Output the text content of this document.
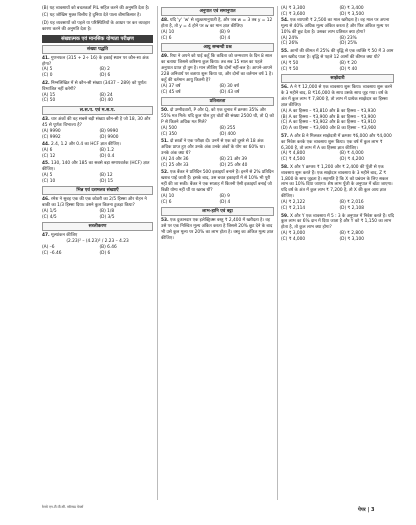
(B) यह व्यवसायों को बचतकर्ता PIL सहित करने की अनुमति देता है।
(C) यह जोखिम मुक्त वित्तीय है दुनिया देते पाला बीमाकिसार है।
(D) यह व्यवसायों को पहले या परिस्थितियों के आधार पर कर व्यवहार कारण करने की अनुमति देता है।
संख्यात्मक एवं मानसिक योग्यता परीक्षण
संख्या पद्धति
41. गुणनफल (315 + 2÷ 16) के इकाई स्थान पर कौन-सा अंक होगा?
(A) 5	(B) 2
(C) 0	(D) 6
42. निम्नलिखित में से कौन-सी संख्या (3437 – 289) को पूर्णतः विभाजित नहीं करेगी?
(A) 15	(B) 24
(C) 50	(D) 40
ल.स.प. एवं म.स.प.
43. चार अंकों की वह सबसे बड़ी संख्या कौन-सी है जो 18, 30 और 45 से पूर्णतः विभाज्य है?
(A) 9990	(B) 9990
(C) 9992	(D) 9900
44. 2.4, 1.2 और 0.4 का HCF ज्ञात कीजिए।
(A) 6	(B) 1.2
(C) 12	(D) 0.4
45. 130, 140 और 185 का सबसे बड़ा समापवर्तक (HCF) ज्ञात कीजिए।
(A) 5	(B) 12
(C) 10	(D) 15
भिन्न एवं दशमलव संख्याएँ
46. रमेश ने सुबह एक की एक कोठरी का 2/5 हिस्सा और रोहन ने बाकी का 1/3 हिस्सा दिया। उसने कुल कितना टुकड़ा किया?
(A) 1/5	(B) 1/8
(C) 4/5	(D) 3/5
सरलीकरण
47. मूल्यांकन कीजिए
(2.23)² – (4.23)² / 2.23 – 4.23
(A) –6	(B) 6.46
(C) –6.46	(D) 6
अनुपात एवं समानुपात
48. यदि 'y' 'w' से व्युत्क्रमानुपाती है, और जब w = 3 तब y = 12 होता है, तो y = 4 होने पर w का मान ज्ञात कीजिए।
(A) 10	(B) 9
(C) 6	(D) 4
आयु सम्बन्धी प्रश्न
49. रिया ने अपने को पाई कहूँ कि कविता को जन्मवाण के दिन 8 साल का बताया जिससे करिश्मा कुल किया। तब सब 15 साल का पहले अनुपात प्राप्त हो तुम है। मान लीजिए कि दोनों नहीं-बल है। आपने-आपने 228 अनिवार्य पर बताया शुरू किया था, और दोनों का वर्तमान वर्ष 1 है। कहूँ की वर्तमान आयु कितनी है?
(A) 37 वर्ष	(B) 30 वर्ष
(C) 45 वर्ष	(D) 43 वर्ष
प्रतिशतता
50. दो उम्मीदवारों, P और Q, को एक चुनाव में क्रमशः 35% और 55% मत मिले। यदि कुल पोल हुए वोटों की संख्या 2500 थी, तो Q को P से कितने अधिक मत मिले?
(A) 500	(B) 255
(C) 350	(D) 400
51. दो छात्रों ने एक परीक्षा दी। उनमें से एक को दूसरे से 18 अंक अधिक प्राप्त हुए और उनके अंक उनके अंकों के योग का 60% था। उनके अंक क्या थे?
(A) 24 और 36	(B) 21 और 39
(C) 25 और 33	(D) 25 और 40
52. एक बैंकर ने प्रतिदिन 500 इकाइयाँ बनाने हैं। इनमें से 2% प्रतिदिन खराब पाई जाती हैं। इसके बाद, उस बचत इकाइयों में से 10% भी पूरी नहीं की जा सकी। बैंकर ने एक सप्ताह में कितनी ऐसी इकाइयाँ बनाई जो बिक्री योग्य नहीं थीं या खराब थीं?
(A) 10	(B) 9
(C) 6	(D) 4
लाभ-हानि एवं बट्टा
53. एक दुकानदार एक इलेक्ट्रिक्स वस्तु ₹ 2,400 में खरीदता है। वह उसे पर एक निश्चित मूल्य अंकित करता है जिससे 20% छूट देने के बाद भी उसे कुल मूल्य पर 20% का लाभ होता है। वस्तु का अंकित मूल्य ज्ञात कीजिए।
(A) ₹ 3,300	(B) ₹ 3,400
(C) ₹ 3,600	(D) ₹ 3,500
54. एक व्यापारी ₹ 2,500 का माल खरीदता है। वह माल पर अपना मूल्य से 40% अधिक मूल्य अंकित करता है और फिर अंकित मूल्य पर 10% की छूट देता है। उसका लाभ प्रतिशत क्या होगा?
(A) 24%	(B) 23%
(C) 26%	(D) 25%
55. आमों की कीमत में 25% की वृद्धि से एक व्यक्ति ₹ 50 में 3 आम कम खरीद पाता है। वृद्धि से पहले 12 आमों की कीमत क्या थी?
(A) ₹ 50	(B) ₹ 20
(C) ₹ 50	(D) ₹ 40
साझेदारी
56. A ने ₹ 12,000 से एक व्यवसाय शुरू किया। व्यवसाय शुरू करने के 3 महीने बाद, B ₹16,000 के साथ उसके साथ जुड़ गया। वर्ष के अंत में कुल लाभ ₹ 7,800 है, तो लाभ में प्रत्येक साझेदार का हिस्सा ज्ञात कीजिए।
(A) A का हिस्सा – ₹3,810 और B का हिस्सा – ₹3,930
(B) A का हिस्सा – ₹3,900 और B का हिस्सा – ₹3,900
(C) A का हिस्सा – ₹3,902 और B का हिस्सा – ₹3,910
(D) A का हिस्सा – ₹3,900 और B का हिस्सा – ₹3,900
57. A और B ने मिलकर साझेदारी में क्रमशः ₹6,000 और ₹4,000 का निवेश करके एक व्यवसाय शुरू किया। एक वर्ष में कुल लाभ ₹ 6,300 है, तो लाभ में A का हिस्सा ज्ञात कीजिए।
(A) ₹ 4,800	(B) ₹ 4,000
(C) ₹ 4,500	(D) ₹ 4,200
58. X और Y क्रमशः ₹ 1,200 और ₹ 2,400 की पूँजी से एक व्यवसाय शुरू करते हैं। एक साझेदार व्यवसाय के 3 महीने बाद, Z ₹ 1,800 के साथ जुड़ता है। सहमति है कि X को प्रबंधन के लिए सकल लाभ का 10% दिया जाएगा। शेष लाभ पूँजी के अनुपात में बाँटा जाएगा। यदि वर्ष के अंत में कुल लाभ ₹ 7,200 है, तो X की कुल आय ज्ञात कीजिए।
(A) ₹ 2,122	(B) ₹ 2,016
(C) ₹ 2,114	(D) ₹ 2,108
59. X और Y एक व्यवसाय में 5 : 3 के अनुपात में निवेश करते हैं। यदि कुल लाभ का 6% दान में दिया जाता है और Y को ₹ 1,150 का लाभ होता है, तो कुल लाभ क्या होगा?
(A) ₹ 3,000	(B) ₹ 2,800
(C) ₹ 4,000	(D) ₹ 3,100
रेलवे एन.टी.पी.सी. सॉल्वड पेपर्स	पेपर | 3
